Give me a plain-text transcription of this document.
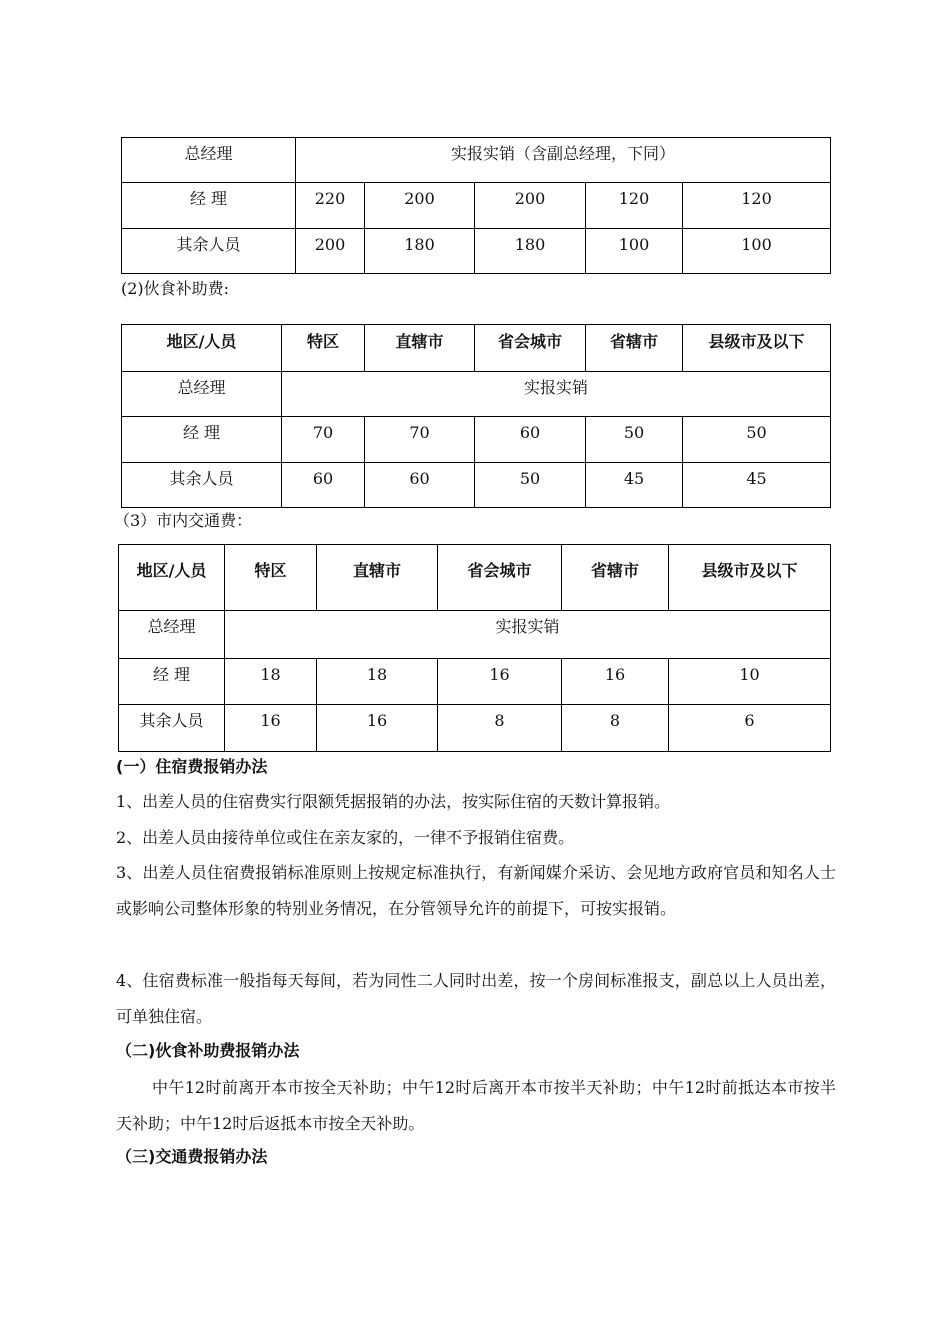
总经理	实报实销（含副总经理，下同）				
经 理	220	200	200	120	120
其余人员	200	180	180	100	100
(2)伙食补助费:
地区/人员	特区	直辖市	省会城市	省辖市	县级市及以下
总经理	实报实销				
经 理	70	70	60	50	50
其余人员	60	60	50	45	45
（3）市内交通费：
地区/人员	特区	直辖市	省会城市	省辖市	县级市及以下
总经理	实报实销				
经 理	18	18	16	16	10
其余人员	16	16	8	8	6
(一）住宿费报销办法
1、出差人员的住宿费实行限额凭据报销的办法，按实际住宿的天数计算报销。
2、出差人员由接待单位或住在亲友家的，一律不予报销住宿费。
3、出差人员住宿费报销标准原则上按规定标准执行，有新闻媒介采访、会见地方政府官员和知名人士或影响公司整体形象的特别业务情况，在分管领导允许的前提下，可按实报销。
4、住宿费标准一般指每天每间，若为同性二人同时出差，按一个房间标准报支，副总以上人员出差，可单独住宿。
（二)伙食补助费报销办法
中午12时前离开本市按全天补助；中午12时后离开本市按半天补助；中午12时前抵达本市按半天补助；中午12时后返抵本市按全天补助。
（三)交通费报销办法
